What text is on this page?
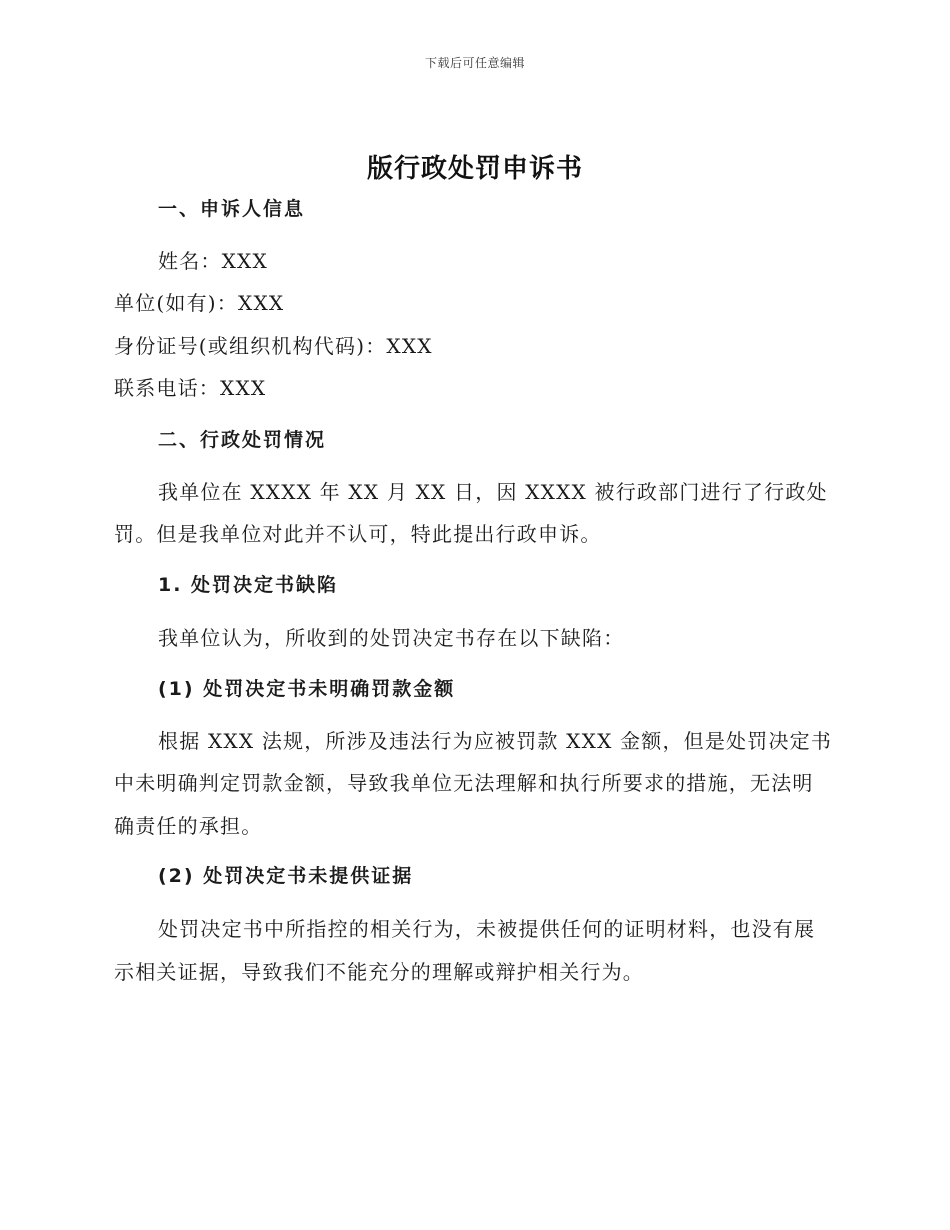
下载后可任意编辑
版行政处罚申诉书
一、申诉人信息
姓名：XXX
单位(如有)：XXX
身份证号(或组织机构代码)：XXX
联系电话：XXX
二、行政处罚情况
我单位在 XXXX 年 XX 月 XX 日，因 XXXX 被行政部门进行了行政处
罚。但是我单位对此并不认可，特此提出行政申诉。
1. 处罚决定书缺陷
我单位认为，所收到的处罚决定书存在以下缺陷：
(1) 处罚决定书未明确罚款金额
根据 XXX 法规，所涉及违法行为应被罚款 XXX 金额，但是处罚决定书
中未明确判定罚款金额，导致我单位无法理解和执行所要求的措施，无法明
确责任的承担。
(2) 处罚决定书未提供证据
处罚决定书中所指控的相关行为，未被提供任何的证明材料，也没有展
示相关证据，导致我们不能充分的理解或辩护相关行为。
